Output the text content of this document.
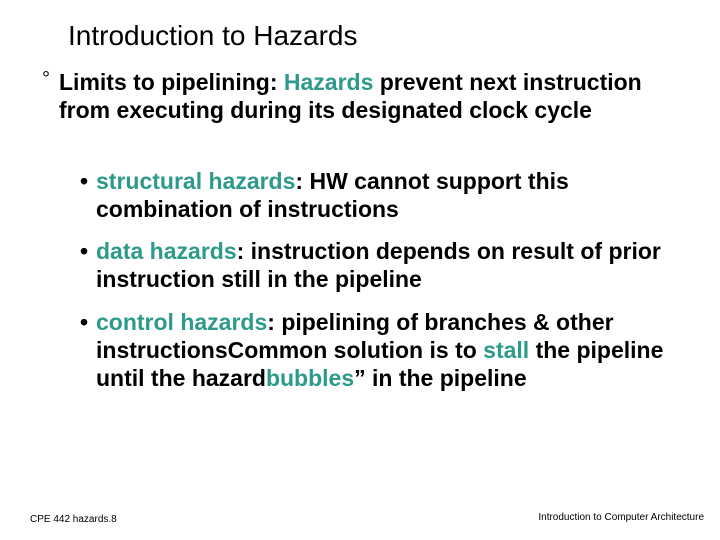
Introduction to Hazards
° Limits to pipelining: Hazards prevent next instruction from executing during its designated clock cycle
• structural hazards: HW cannot support this combination of instructions
• data hazards: instruction depends on result of prior instruction still in the pipeline
• control hazards: pipelining of branches & other instructionsCommon solution is to stall the pipeline until the hazardbubbles” in the pipeline
CPE 442 hazards.8	Introduction to Computer Architecture
